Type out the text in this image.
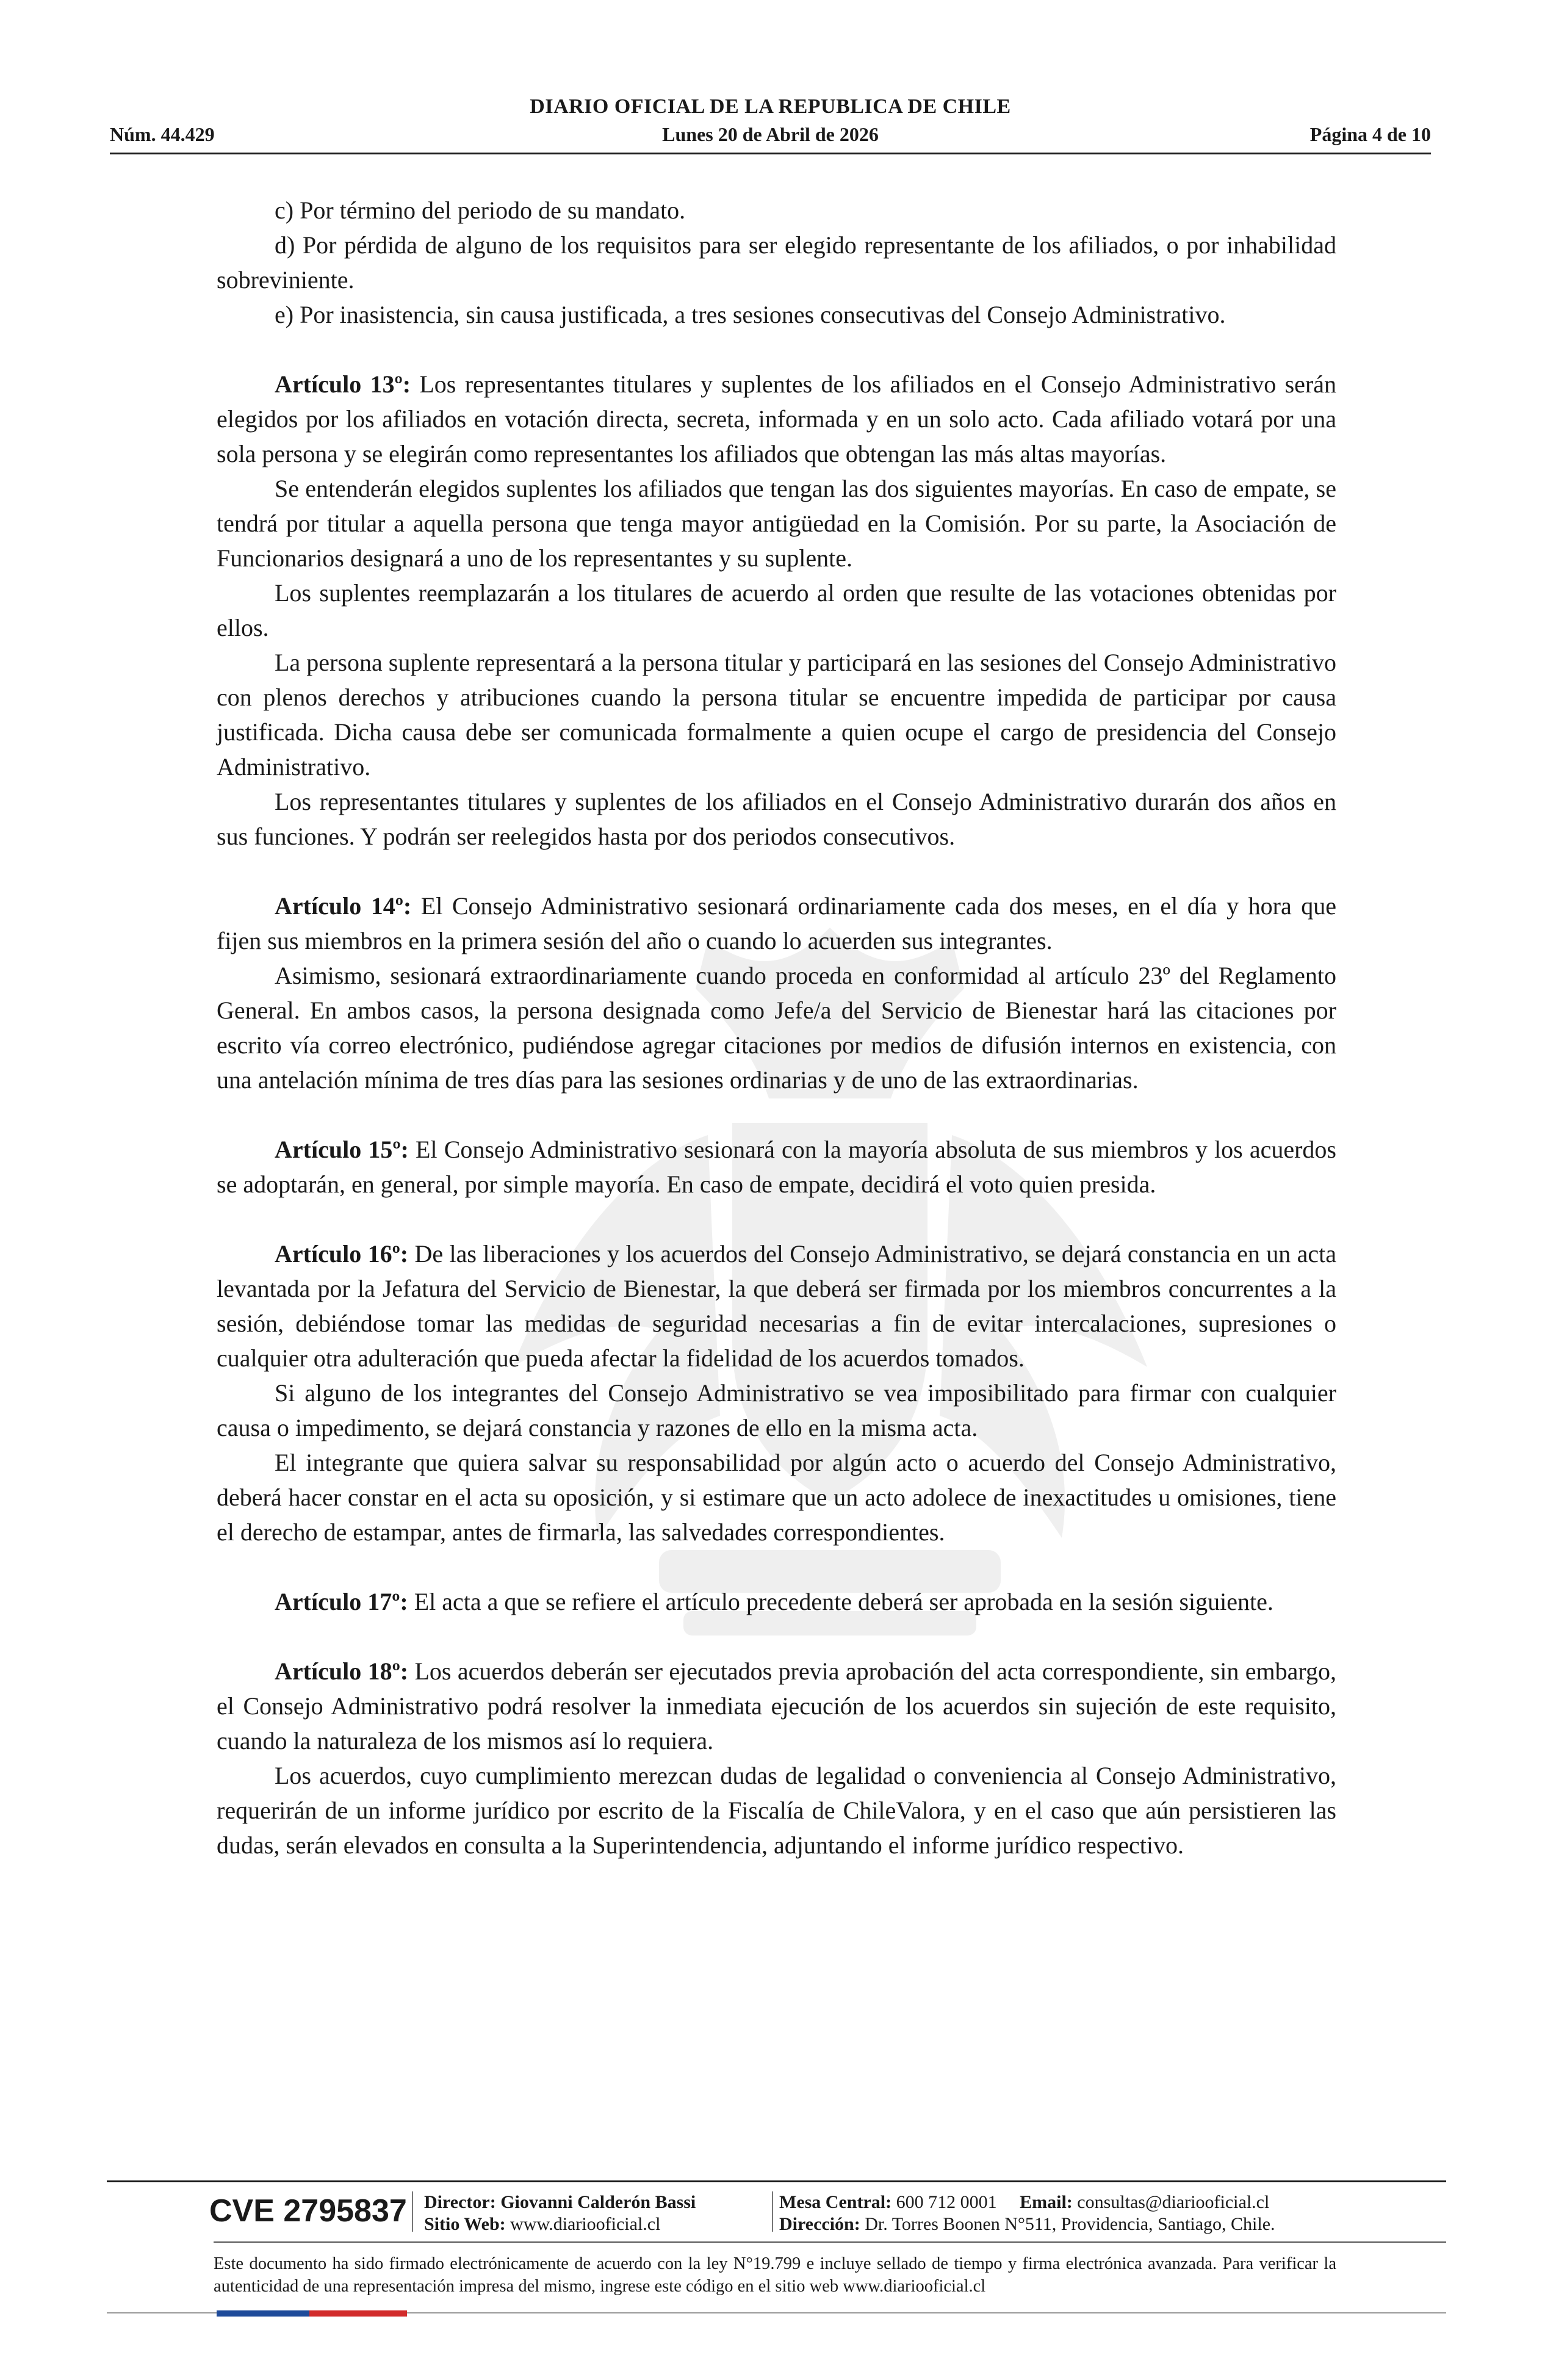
DIARIO OFICIAL DE LA REPUBLICA DE CHILE
Núm. 44.429	Lunes 20 de Abril de 2026	Página 4 de 10

c) Por término del periodo de su mandato.

d) Por pérdida de alguno de los requisitos para ser elegido representante de los afiliados, o por inhabilidad sobreviniente.

e) Por inasistencia, sin causa justificada, a tres sesiones consecutivas del Consejo Administrativo.

Artículo 13º: Los representantes titulares y suplentes de los afiliados en el Consejo Administrativo serán elegidos por los afiliados en votación directa, secreta, informada y en un solo acto. Cada afiliado votará por una sola persona y se elegirán como representantes los afiliados que obtengan las más altas mayorías.

Se entenderán elegidos suplentes los afiliados que tengan las dos siguientes mayorías. En caso de empate, se tendrá por titular a aquella persona que tenga mayor antigüedad en la Comisión. Por su parte, la Asociación de Funcionarios designará a uno de los representantes y su suplente.

Los suplentes reemplazarán a los titulares de acuerdo al orden que resulte de las votaciones obtenidas por ellos.

La persona suplente representará a la persona titular y participará en las sesiones del Consejo Administrativo con plenos derechos y atribuciones cuando la persona titular se encuentre impedida de participar por causa justificada. Dicha causa debe ser comunicada formalmente a quien ocupe el cargo de presidencia del Consejo Administrativo.

Los representantes titulares y suplentes de los afiliados en el Consejo Administrativo durarán dos años en sus funciones. Y podrán ser reelegidos hasta por dos periodos consecutivos.

Artículo 14º: El Consejo Administrativo sesionará ordinariamente cada dos meses, en el día y hora que fijen sus miembros en la primera sesión del año o cuando lo acuerden sus integrantes.

Asimismo, sesionará extraordinariamente cuando proceda en conformidad al artículo 23º del Reglamento General. En ambos casos, la persona designada como Jefe/a del Servicio de Bienestar hará las citaciones por escrito vía correo electrónico, pudiéndose agregar citaciones por medios de difusión internos en existencia, con una antelación mínima de tres días para las sesiones ordinarias y de uno de las extraordinarias.

Artículo 15º: El Consejo Administrativo sesionará con la mayoría absoluta de sus miembros y los acuerdos se adoptarán, en general, por simple mayoría. En caso de empate, decidirá el voto quien presida.

Artículo 16º: De las liberaciones y los acuerdos del Consejo Administrativo, se dejará constancia en un acta levantada por la Jefatura del Servicio de Bienestar, la que deberá ser firmada por los miembros concurrentes a la sesión, debiéndose tomar las medidas de seguridad necesarias a fin de evitar intercalaciones, supresiones o cualquier otra adulteración que pueda afectar la fidelidad de los acuerdos tomados.

Si alguno de los integrantes del Consejo Administrativo se vea imposibilitado para firmar con cualquier causa o impedimento, se dejará constancia y razones de ello en la misma acta.

El integrante que quiera salvar su responsabilidad por algún acto o acuerdo del Consejo Administrativo, deberá hacer constar en el acta su oposición, y si estimare que un acto adolece de inexactitudes u omisiones, tiene el derecho de estampar, antes de firmarla, las salvedades correspondientes.

Artículo 17º: El acta a que se refiere el artículo precedente deberá ser aprobada en la sesión siguiente.

Artículo 18º: Los acuerdos deberán ser ejecutados previa aprobación del acta correspondiente, sin embargo, el Consejo Administrativo podrá resolver la inmediata ejecución de los acuerdos sin sujeción de este requisito, cuando la naturaleza de los mismos así lo requiera.

Los acuerdos, cuyo cumplimiento merezcan dudas de legalidad o conveniencia al Consejo Administrativo, requerirán de un informe jurídico por escrito de la Fiscalía de ChileValora, y en el caso que aún persistieren las dudas, serán elevados en consulta a la Superintendencia, adjuntando el informe jurídico respectivo.

CVE 2795837 Director: Giovanni Calderón Bassi
Sitio Web: www.diariooficial.cl
Mesa Central: 600 712 0001 Email: consultas@diariooficial.cl
Dirección: Dr. Torres Boonen N°511, Providencia, Santiago, Chile.
Este documento ha sido firmado electrónicamente de acuerdo con la ley N°19.799 e incluye sellado de tiempo y firma electrónica avanzada. Para verificar la autenticidad de una representación impresa del mismo, ingrese este código en el sitio web www.diariooficial.cl
